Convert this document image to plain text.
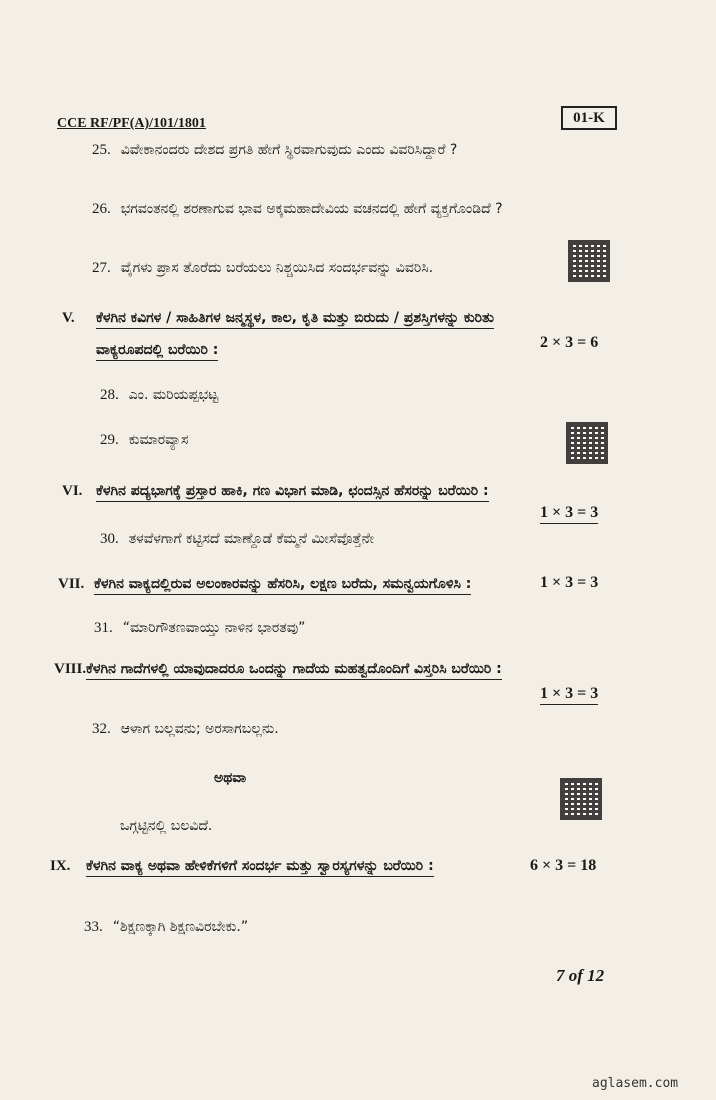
CCE RF/PF(A)/101/1801	01-K
25. ವಿವೇಕಾನಂದರು ದೇಶದ ಪ್ರಗತಿ ಹೇಗೆ ಸ್ಥಿರವಾಗುವುದು ಎಂದು ವಿವರಿಸಿದ್ದಾರೆ ?
26. ಭಗವಂತನಲ್ಲಿ ಶರಣಾಗುವ ಭಾವ ಅಕ್ಕಮಹಾದೇವಿಯ ವಚನದಲ್ಲಿ ಹೇಗೆ ವ್ಯಕ್ತಗೊಂಡಿದೆ ?
27. ವೈಗಳು ಪ್ರಾಸ ತೊರೆದು ಬರೆಯಲು ನಿಶ್ಚಯಿಸಿದ ಸಂದರ್ಭವನ್ನು ವಿವರಿಸಿ.
V. ಕೆಳಗಿನ ಕವಿಗಳ / ಸಾಹಿತಿಗಳ ಜನ್ಮಸ್ಥಳ, ಕಾಲ, ಕೃತಿ ಮತ್ತು ಬಿರುದು / ಪ್ರಶಸ್ತಿಗಳನ್ನು ಕುರಿತು
ವಾಕ್ಯರೂಪದಲ್ಲಿ ಬರೆಯಿರಿ :	2 × 3 = 6
28. ಎಂ. ಮರಿಯಪ್ಪಭಟ್ಟ
29. ಕುಮಾರವ್ಯಾಸ
VI. ಕೆಳಗಿನ ಪದ್ಯಭಾಗಕ್ಕೆ ಪ್ರಸ್ತಾರ ಹಾಕಿ, ಗಣ ವಿಭಾಗ ಮಾಡಿ, ಛಂದಸ್ಸಿನ ಹೆಸರನ್ನು ಬರೆಯಿರಿ :
1 × 3 = 3
30. ತಳವೆಳಗಾಗೆ ಕಟ್ಟಿಸದೆ ಮಾಣ್ದೊಡೆ ಕೆಮ್ಮನೆ ಮೀಸೆವೊತ್ತೆನೇ
VII. ಕೆಳಗಿನ ವಾಕ್ಯದಲ್ಲಿರುವ ಅಲಂಕಾರವನ್ನು ಹೆಸರಿಸಿ, ಲಕ್ಷಣ ಬರೆದು, ಸಮನ್ವಯಗೊಳಿಸಿ :	1 × 3 = 3
31. “ಮಾರಿಗೌತಣವಾಯ್ತು ನಾಳಿನ ಭಾರತವು”
VIII.ಕೆಳಗಿನ ಗಾದೆಗಳಲ್ಲಿ ಯಾವುದಾದರೂ ಒಂದನ್ನು ಗಾದೆಯ ಮಹತ್ವದೊಂದಿಗೆ ವಿಸ್ತರಿಸಿ ಬರೆಯಿರಿ :
1 × 3 = 3
32. ಆಳಾಗ ಬಲ್ಲವನು; ಅರಸಾಗಬಲ್ಲನು.
ಅಥವಾ
ಒಗ್ಗಟ್ಟಿನಲ್ಲಿ ಬಲವಿದೆ.
IX. ಕೆಳಗಿನ ವಾಕ್ಯ ಅಥವಾ ಹೇಳಿಕೆಗಳಿಗೆ ಸಂದರ್ಭ ಮತ್ತು ಸ್ವಾರಸ್ಯಗಳನ್ನು ಬರೆಯಿರಿ :	6 × 3 = 18
33. “ಶಿಕ್ಷಣಕ್ಕಾಗಿ ಶಿಕ್ಷಣವಿರಬೇಕು.”
7 of 12
aglasem.com
